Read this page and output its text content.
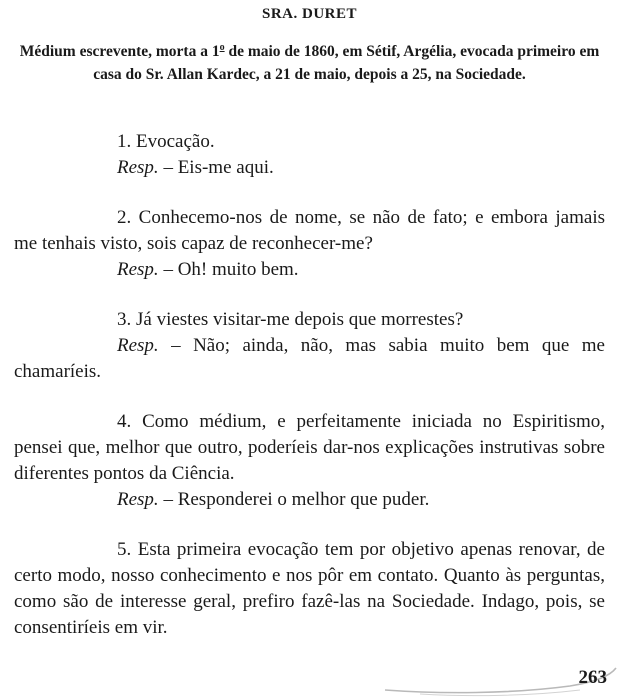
SRA. DURET
Médium escrevente, morta a 1$^o$ de maio de 1860, em Sétif, Argélia, evocada primeiro em casa do Sr. Allan Kardec, a 21 de maio, depois a 25, na Sociedade.

1. Evocação.

Resp. – Eis-me aqui.

2. Conhecemo-nos de nome, se não de fato; e embora jamais me tenhais visto, sois capaz de reconhecer-me?

Resp. – Oh! muito bem.

3. Já viestes visitar-me depois que morrestes?

Resp. – Não; ainda, não, mas sabia muito bem que me chamaríeis.

4. Como médium, e perfeitamente iniciada no Espiritismo, pensei que, melhor que outro, poderíeis dar-nos explicações instrutivas sobre diferentes pontos da Ciência.

Resp. – Responderei o melhor que puder.

5. Esta primeira evocação tem por objetivo apenas renovar, de certo modo, nosso conhecimento e nos pôr em contato. Quanto às perguntas, como são de interesse geral, prefiro fazê-las na Sociedade. Indago, pois, se consentiríeis em vir.

263
